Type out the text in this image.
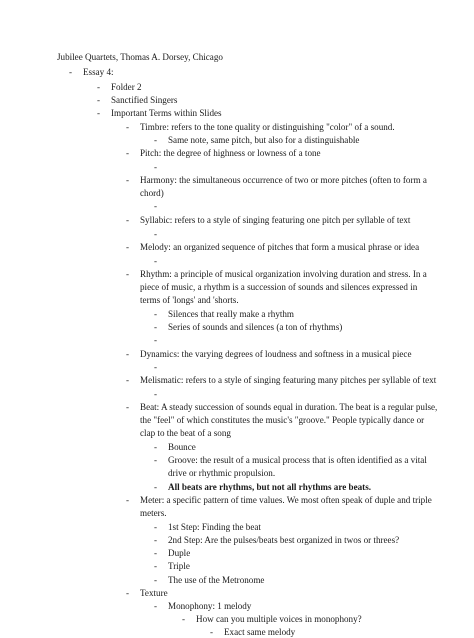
Jubilee Quartets, Thomas A. Dorsey, Chicago
- Essay 4:
- Folder 2
- Sanctified Singers
- Important Terms within Slides
- Timbre: refers to the tone quality or distinguishing "color" of a sound.
- Same note, same pitch, but also for a distinguishable
- Pitch: the degree of highness or lowness of a tone
-
- Harmony: the simultaneous occurrence of two or more pitches (often to form a
chord)
-
- Syllabic: refers to a style of singing featuring one pitch per syllable of text
-
- Melody: an organized sequence of pitches that form a musical phrase or idea
-
- Rhythm: a principle of musical organization involving duration and stress. In a
piece of music, a rhythm is a succession of sounds and silences expressed in
terms of 'longs' and 'shorts.
- Silences that really make a rhythm
- Series of sounds and silences (a ton of rhythms)
-
- Dynamics: the varying degrees of loudness and softness in a musical piece
-
- Melismatic: refers to a style of singing featuring many pitches per syllable of text
-
- Beat: A steady succession of sounds equal in duration. The beat is a regular pulse,
the "feel" of which constitutes the music's "groove." People typically dance or
clap to the beat of a song
- Bounce
- Groove: the result of a musical process that is often identified as a vital
drive or rhythmic propulsion.
- All beats are rhythms, but not all rhythms are beats.
- Meter: a specific pattern of time values. We most often speak of duple and triple
meters.
- 1st Step: Finding the beat
- 2nd Step: Are the pulses/beats best organized in twos or threes?
- Duple
- Triple
- The use of the Metronome
- Texture
- Monophony: 1 melody
- How can you multiple voices in monophony?
- Exact same melody
